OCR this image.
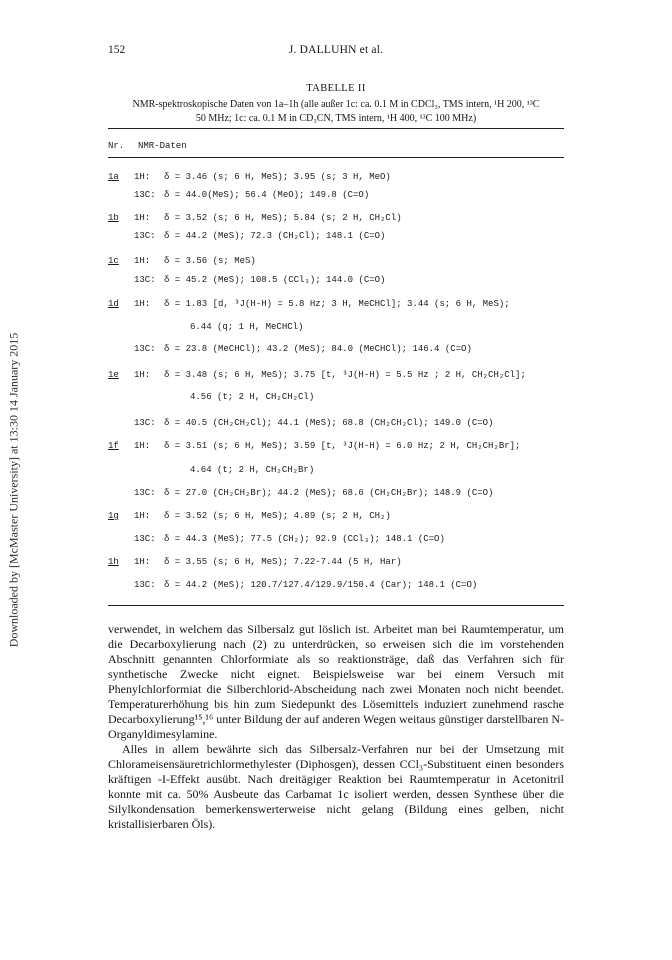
Downloaded by [McMaster University] at 13:30 14 January 2015
152	J. DALLUHN et al.
TABELLE II
NMR-spektroskopische Daten von 1a–1h (alle außer 1c: ca. 0.1 M in CDCl₃, TMS intern, ¹H 200, ¹³C
50 MHz; 1c: ca. 0.1 M in CD₃CN, TMS intern, ¹H 400, ¹³C 100 MHz)
Nr. NMR-Daten
1a 1H: δ = 3.46 (s; 6 H, MeS); 3.95 (s; 3 H, MeO)
13C: δ = 44.0(MeS); 56.4 (MeO); 149.8 (C=O)
1b 1H: δ = 3.52 (s; 6 H, MeS); 5.84 (s; 2 H, CH₂Cl)
13C: δ = 44.2 (MeS); 72.3 (CH₂Cl); 148.1 (C=O)
1c 1H: δ = 3.56 (s; MeS)
13C: δ = 45.2 (MeS); 108.5 (CCl₃); 144.0 (C=O)
1d 1H: δ = 1.83 [d, ³J(H-H) = 5.8 Hz; 3 H, MeCHCl]; 3.44 (s; 6 H, MeS);
6.44 (q; 1 H, MeCHCl)
13C: δ = 23.8 (MeCHCl); 43.2 (MeS); 84.0 (MeCHCl); 146.4 (C=O)
1e 1H: δ = 3.48 (s; 6 H, MeS); 3.75 [t, ³J(H-H) = 5.5 Hz ; 2 H, CH₂CH₂Cl];
4.56 (t; 2 H, CH₂CH₂Cl)
13C: δ = 40.5 (CH₂CH₂Cl); 44.1 (MeS); 68.8 (CH₂CH₂Cl); 149.0 (C=O)
1f 1H: δ = 3.51 (s; 6 H, MeS); 3.59 [t, ³J(H-H) = 6.0 Hz; 2 H, CH₂CH₂Br];
4.64 (t; 2 H, CH₂CH₂Br)
13C: δ = 27.0 (CH₂CH₂Br); 44.2 (MeS); 68.6 (CH₂CH₂Br); 148.9 (C=O)
1g 1H: δ = 3.52 (s; 6 H, MeS); 4.89 (s; 2 H, CH₂)
13C: δ = 44.3 (MeS); 77.5 (CH₂); 92.9 (CCl₃); 148.1 (C=O)
1h 1H: δ = 3.55 (s; 6 H, MeS); 7.22-7.44 (5 H, Har)
13C: δ = 44.2 (MeS); 120.7/127.4/129.9/150.4 (Car); 148.1 (C=O)

verwendet, in welchem das Silbersalz gut löslich ist. Arbeitet man bei Raumtemperatur, um die Decarboxylierung nach (2) zu unterdrücken, so erweisen sich die im vorstehenden Abschnitt genannten Chlorformiate als so reaktionsträge, daß das Verfahren sich für synthetische Zwecke nicht eignet. Beispielsweise war bei einem Versuch mit Phenylchlorformiat die Silberchlorid-Abscheidung nach zwei Monaten noch nicht beendet. Temperaturerhöhung bis hin zum Siedepunkt des Lösemittels induziert zunehmend rasche Decarboxylierung¹⁵,¹⁶ unter Bildung der auf anderen Wegen weitaus günstiger darstellbaren N-Organyldimesylamine.

Alles in allem bewährte sich das Silbersalz-Verfahren nur bei der Umsetzung mit Chlorameisensäuretrichlormethylester (Diphosgen), dessen CCl₃-Substituent einen besonders kräftigen -I-Effekt ausübt. Nach dreitägiger Reaktion bei Raumtemperatur in Acetonitril konnte mit ca. 50% Ausbeute das Carbamat 1c isoliert werden, dessen Synthese über die Silylkondensation bemerkenswerterweise nicht gelang (Bildung eines gelben, nicht kristallisierbaren Öls).
